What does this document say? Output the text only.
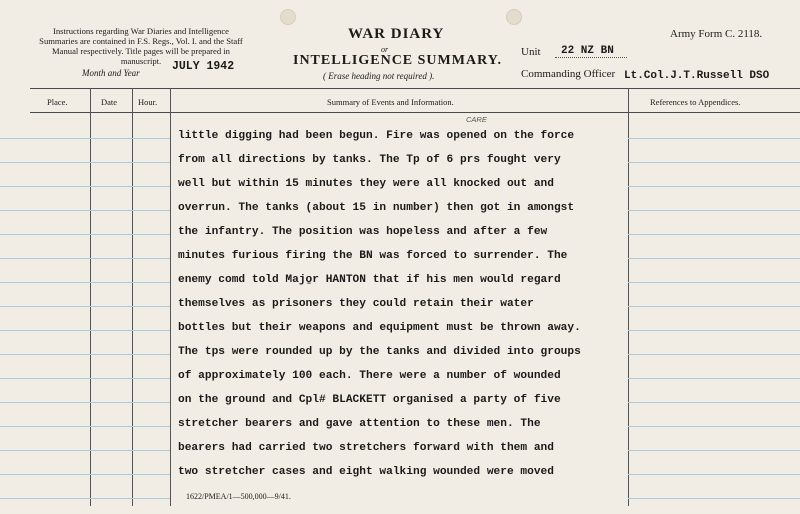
Instructions regarding War Diaries and Intelligence Summaries are contained in F.S. Regs., Vol. I. and the Staff Manual respectively. Title pages will be prepared in manuscript.
WAR DIARY
or
INTELLIGENCE SUMMARY.
( Erase heading not required ).
Army Form C. 2118.
Unit 22 NZ BN
Commanding Officer Lt.Col.J.T.Russell DSO
JULY 1942
Month and Year
Place.	Date Hour.	Summary of Events and Information.	References to Appendices.
CARE
little digging had been begun. Fire was opened on the force
from all directions by tanks. The Tp of 6 prs fought very
well but within 15 minutes they were all knocked out and
overrun. The tanks (about 15 in number) then got in amongst
the infantry. The position was hopeless and after a few
minutes furious firing the BN was forced to surrender. The
enemy comd told Majo̱r HANTON that if his men would regard
themselves as prisoners they could retain their water
bottles but their weapons and equipment must be thrown away.
The tps were rounded up by the tanks and divided into groups
of approximately 100 each. There were a number of wounded
on the ground and Cpl# BLACKETT organised a party of five
stretcher bearers and gave attention to these men. The
bearers had carried two stretchers forward with them and
two stretcher cases and eight walking wounded were moved
1622/PMEA/1—500,000—9/41.
